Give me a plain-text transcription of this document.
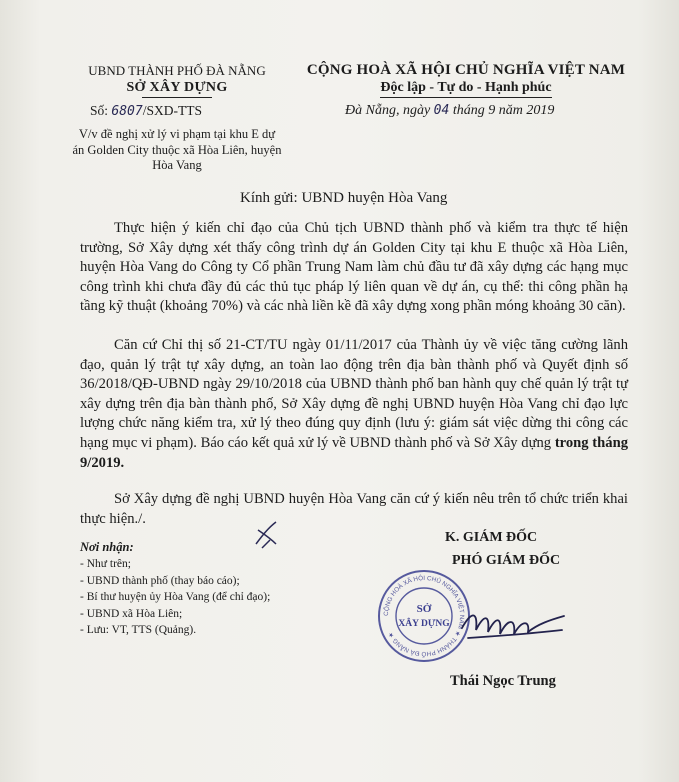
UBND THÀNH PHỐ ĐÀ NẴNG
SỞ XÂY DỰNG
Số: 6807/SXD-TTS
V/v đề nghị xử lý vi phạm tại khu E dự án Golden City thuộc xã Hòa Liên, huyện Hòa Vang
CỘNG HOÀ XÃ HỘI CHỦ NGHĨA VIỆT NAM
Độc lập - Tự do - Hạnh phúc
Đà Nẵng, ngày 04 tháng 9 năm 2019
Kính gửi: UBND huyện Hòa Vang
Thực hiện ý kiến chỉ đạo của Chủ tịch UBND thành phố và kiểm tra thực tế hiện trường, Sở Xây dựng xét thấy công trình dự án Golden City tại khu E thuộc xã Hòa Liên, huyện Hòa Vang do Công ty Cổ phần Trung Nam làm chủ đầu tư đã xây dựng các hạng mục công trình khi chưa đầy đủ các thủ tục pháp lý liên quan về dự án, cụ thể: thi công phần hạ tầng kỹ thuật (khoảng 70%) và các nhà liền kề đã xây dựng xong phần móng khoảng 30 căn).
Căn cứ Chỉ thị số 21-CT/TU ngày 01/11/2017 của Thành ủy về việc tăng cường lãnh đạo, quản lý trật tự xây dựng, an toàn lao động trên địa bàn thành phố và Quyết định số 36/2018/QĐ-UBND ngày 29/10/2018 của UBND thành phố ban hành quy chế quản lý trật tự xây dựng trên địa bàn thành phố, Sở Xây dựng đề nghị UBND huyện Hòa Vang chỉ đạo lực lượng chức năng kiểm tra, xử lý theo đúng quy định (lưu ý: giám sát việc dừng thi công các hạng mục vi phạm). Báo cáo kết quả xử lý về UBND thành phố và Sở Xây dựng trong tháng 9/2019.
Sở Xây dựng đề nghị UBND huyện Hòa Vang căn cứ ý kiến nêu trên tổ chức triển khai thực hiện./.
Nơi nhận:
- Như trên;
- UBND thành phố (thay báo cáo);
- Bí thư huyện ủy Hòa Vang (để chỉ đạo);
- UBND xã Hòa Liên;
- Lưu: VT, TTS (Quảng).
K. GIÁM ĐỐC
PHÓ GIÁM ĐỐC
CỘNG HOÀ XÃ HỘI CHỦ NGHĨA VIỆT NAM ★ THÀNH PHỐ ĐÀ NẴNG ★
SỞ
XÂY DỰNG
Thái Ngọc Trung
